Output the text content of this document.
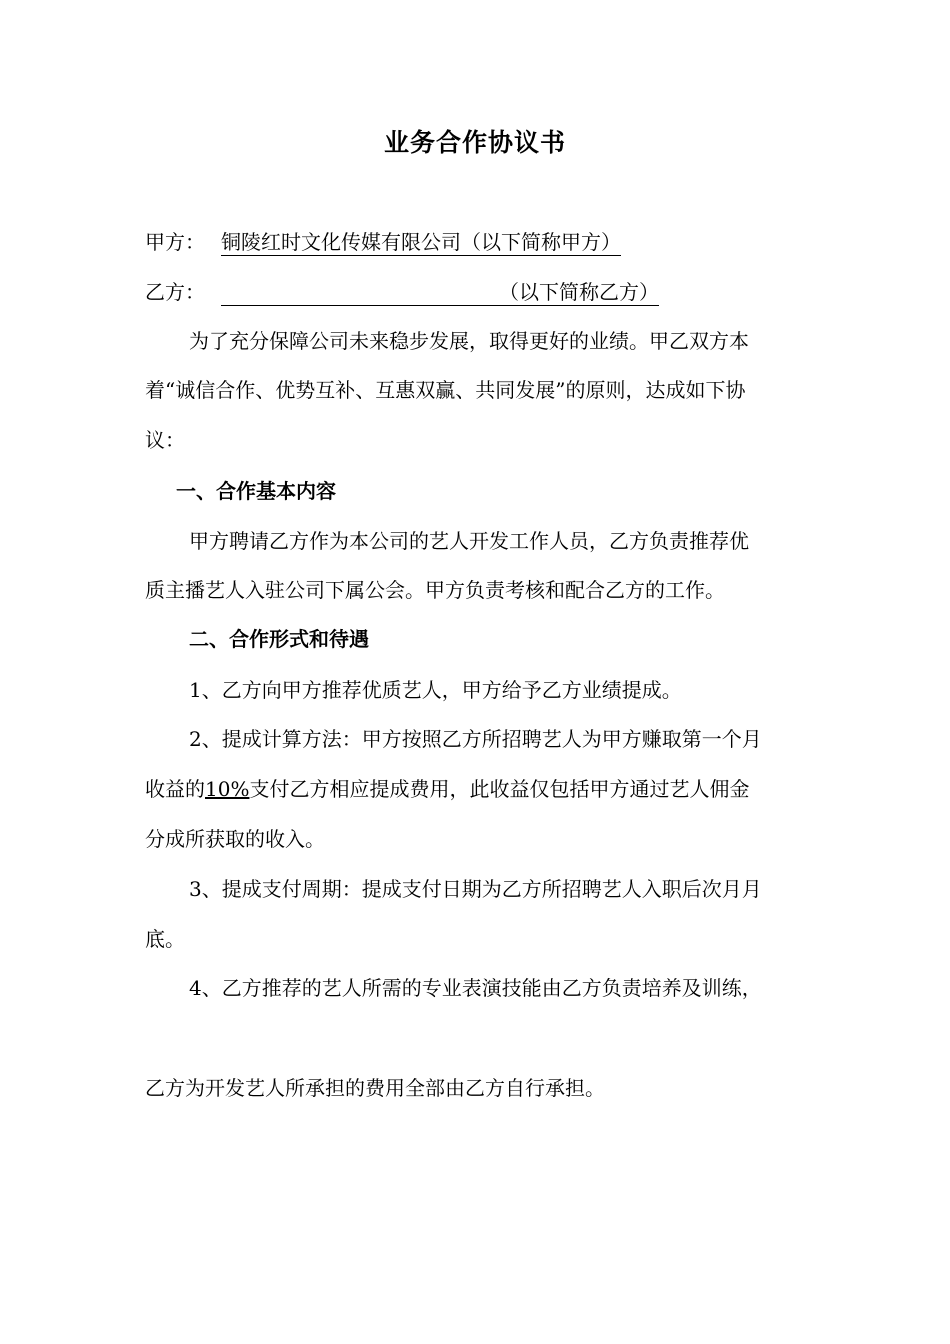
业务合作协议书
甲方： 铜陵红时文化传媒有限公司（以下简称甲方）
乙方：	（以下简称乙方）
为了充分保障公司未来稳步发展，取得更好的业绩。甲乙双方本
着“诚信合作、优势互补、互惠双赢、共同发展”的原则，达成如下协
议：
一、合作基本内容
甲方聘请乙方作为本公司的艺人开发工作人员，乙方负责推荐优
质主播艺人入驻公司下属公会。甲方负责考核和配合乙方的工作。
二、合作形式和待遇
1、乙方向甲方推荐优质艺人，甲方给予乙方业绩提成。
2、提成计算方法：甲方按照乙方所招聘艺人为甲方赚取第一个月
收益的10%支付乙方相应提成费用，此收益仅包括甲方通过艺人佣金
分成所获取的收入。
3、提成支付周期：提成支付日期为乙方所招聘艺人入职后次月月
底。
4、乙方推荐的艺人所需的专业表演技能由乙方负责培养及训练，
乙方为开发艺人所承担的费用全部由乙方自行承担。
